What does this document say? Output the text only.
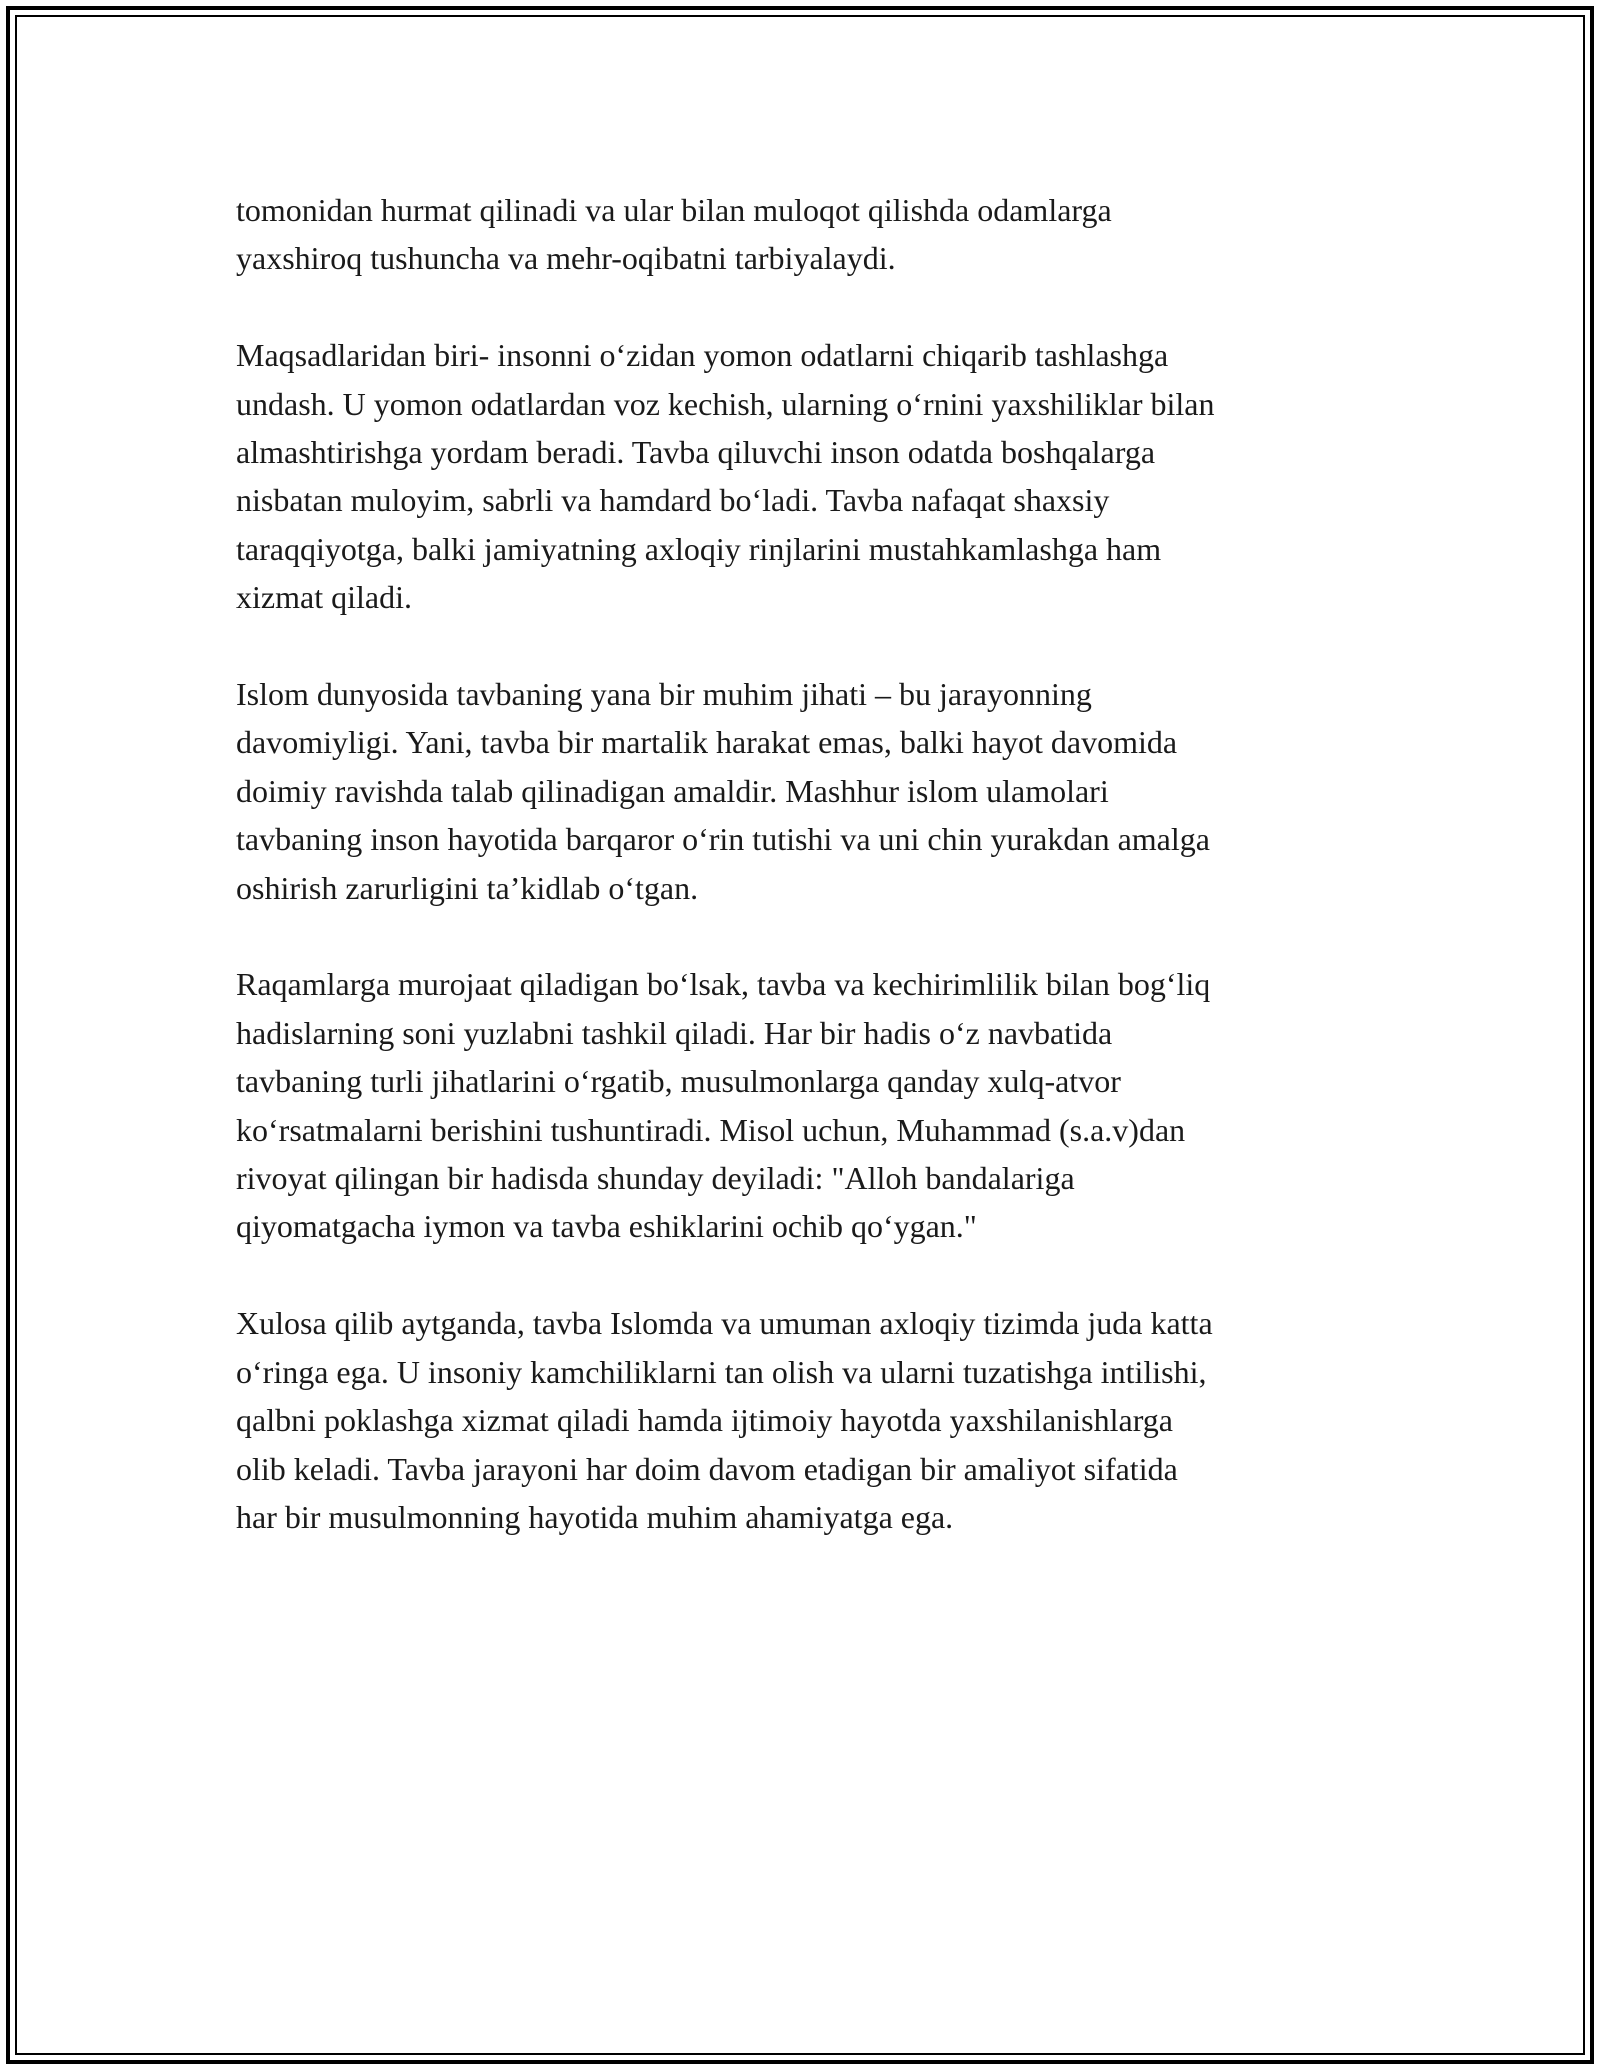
tomonidan hurmat qilinadi va ular bilan muloqot qilishda odamlarga
yaxshiroq tushuncha va mehr-oqibatni tarbiyalaydi.

Maqsadlaridan biri- insonni o‘zidan yomon odatlarni chiqarib tashlashga
undash. U yomon odatlardan voz kechish, ularning o‘rnini yaxshiliklar bilan
almashtirishga yordam beradi. Tavba qiluvchi inson odatda boshqalarga
nisbatan muloyim, sabrli va hamdard bo‘ladi. Tavba nafaqat shaxsiy
taraqqiyotga, balki jamiyatning axloqiy rinjlarini mustahkamlashga ham
xizmat qiladi.

Islom dunyosida tavbaning yana bir muhim jihati – bu jarayonning
davomiyligi. Yani, tavba bir martalik harakat emas, balki hayot davomida
doimiy ravishda talab qilinadigan amaldir. Mashhur islom ulamolari
tavbaning inson hayotida barqaror o‘rin tutishi va uni chin yurakdan amalga
oshirish zarurligini ta’kidlab o‘tgan.

Raqamlarga murojaat qiladigan bo‘lsak, tavba va kechirimlilik bilan bog‘liq
hadislarning soni yuzlabni tashkil qiladi. Har bir hadis o‘z navbatida
tavbaning turli jihatlarini o‘rgatib, musulmonlarga qanday xulq-atvor
ko‘rsatmalarni berishini tushuntiradi. Misol uchun, Muhammad (s.a.v)dan
rivoyat qilingan bir hadisda shunday deyiladi: "Alloh bandalariga
qiyomatgacha iymon va tavba eshiklarini ochib qo‘ygan."

Xulosa qilib aytganda, tavba Islomda va umuman axloqiy tizimda juda katta
o‘ringa ega. U insoniy kamchiliklarni tan olish va ularni tuzatishga intilishi,
qalbni poklashga xizmat qiladi hamda ijtimoiy hayotda yaxshilanishlarga
olib keladi. Tavba jarayoni har doim davom etadigan bir amaliyot sifatida
har bir musulmonning hayotida muhim ahamiyatga ega.
